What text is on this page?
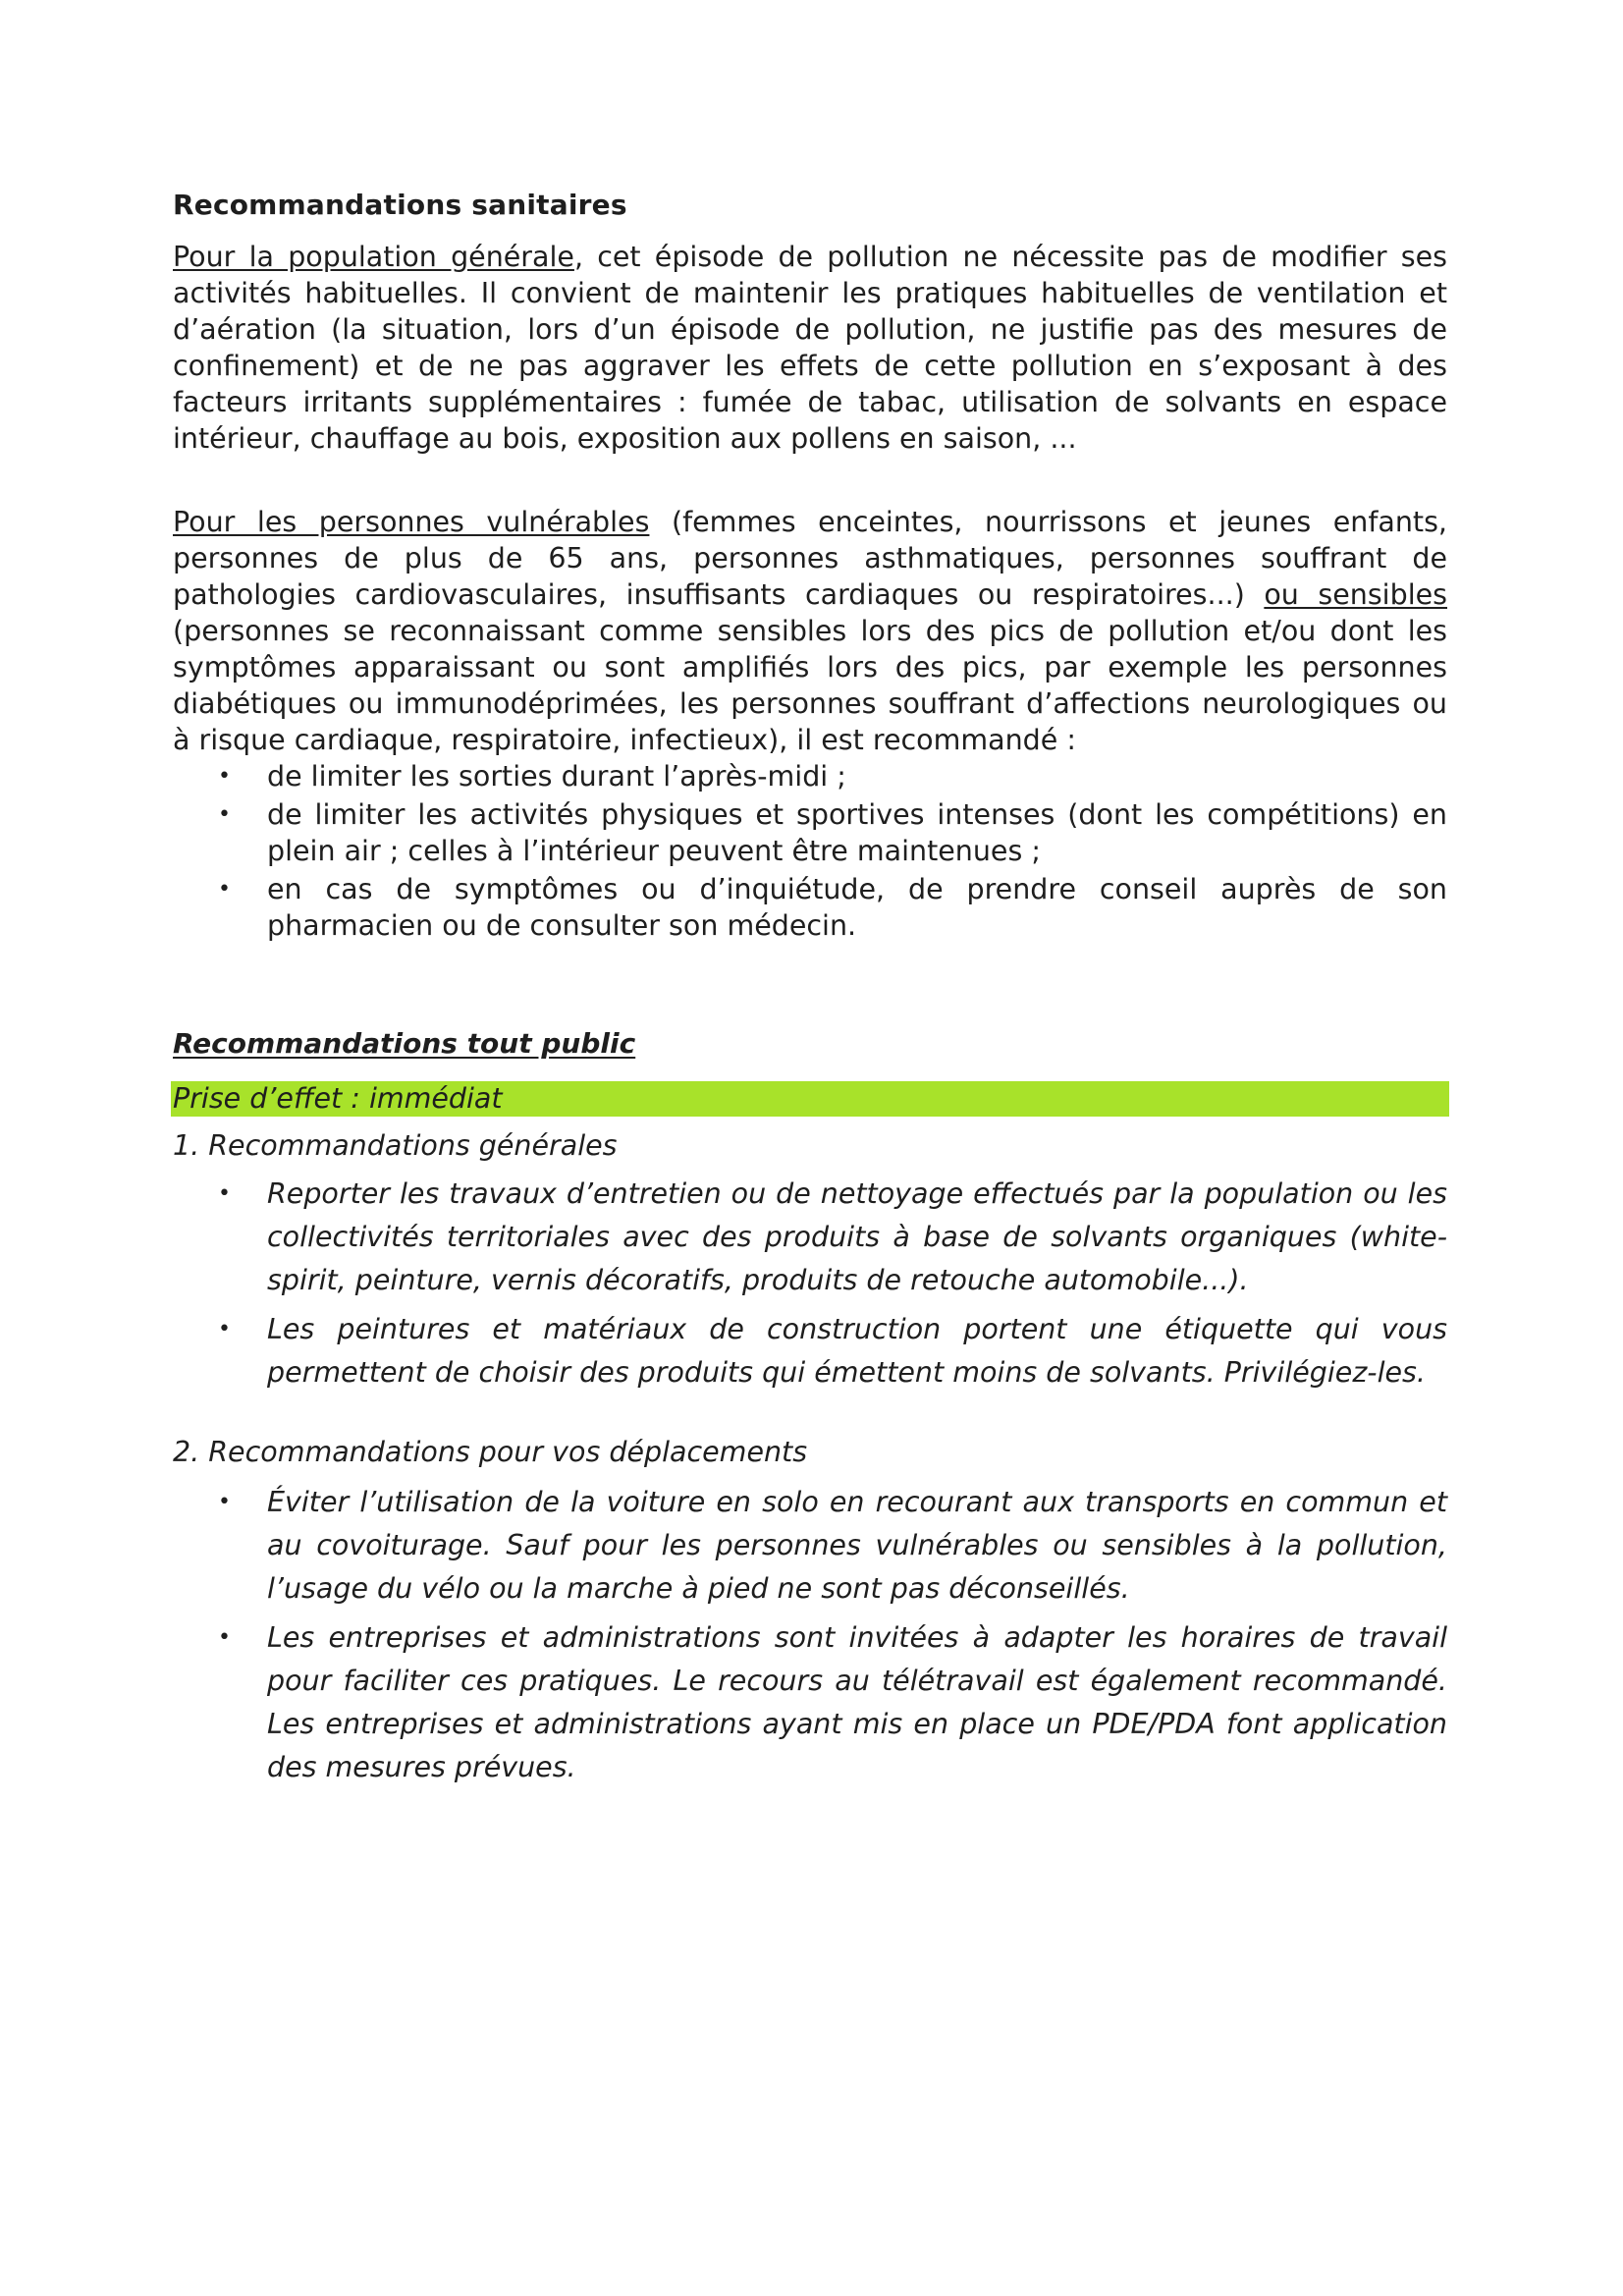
Recommandations sanitaires

Pour la population générale, cet épisode de pollution ne nécessite pas de modifier ses activités habituelles. Il convient de maintenir les pratiques habituelles de ventilation et d’aération (la situation, lors d’un épisode de pollution, ne justifie pas des mesures de confinement) et de ne pas aggraver les effets de cette pollution en s’exposant à des facteurs irritants supplémentaires : fumée de tabac, utilisation de solvants en espace intérieur, chauffage au bois, exposition aux pollens en saison, ...

Pour les personnes vulnérables (femmes enceintes, nourrissons et jeunes enfants, personnes de plus de 65 ans, personnes asthmatiques, personnes souffrant de pathologies cardiovasculaires, insuffisants cardiaques ou respiratoires...) ou sensibles (personnes se reconnaissant comme sensibles lors des pics de pollution et/ou dont les symptômes apparaissant ou sont amplifiés lors des pics, par exemple les personnes diabétiques ou immunodéprimées, les personnes souffrant d’affections neurologiques ou à risque cardiaque, respiratoire, infectieux), il est recommandé :

• de limiter les sorties durant l’après-midi ;
• de limiter les activités physiques et sportives intenses (dont les compétitions) en plein air ; celles à l’intérieur peuvent être maintenues ;
• en cas de symptômes ou d’inquiétude, de prendre conseil auprès de son pharmacien ou de consulter son médecin.
Recommandations tout public
Prise d’effet : immédiat
1. Recommandations générales
• Reporter les travaux d’entretien ou de nettoyage effectués par la population ou les collectivités territoriales avec des produits à base de solvants organiques (white-spirit, peinture, vernis décoratifs, produits de retouche automobile...).
• Les peintures et matériaux de construction portent une étiquette qui vous permettent de choisir des produits qui émettent moins de solvants. Privilégiez-les.
2. Recommandations pour vos déplacements
• Éviter l’utilisation de la voiture en solo en recourant aux transports en commun et au covoiturage. Sauf pour les personnes vulnérables ou sensibles à la pollution, l’usage du vélo ou la marche à pied ne sont pas déconseillés.
• Les entreprises et administrations sont invitées à adapter les horaires de travail pour faciliter ces pratiques. Le recours au télétravail est également recommandé. Les entreprises et administrations ayant mis en place un PDE/PDA font application des mesures prévues.
